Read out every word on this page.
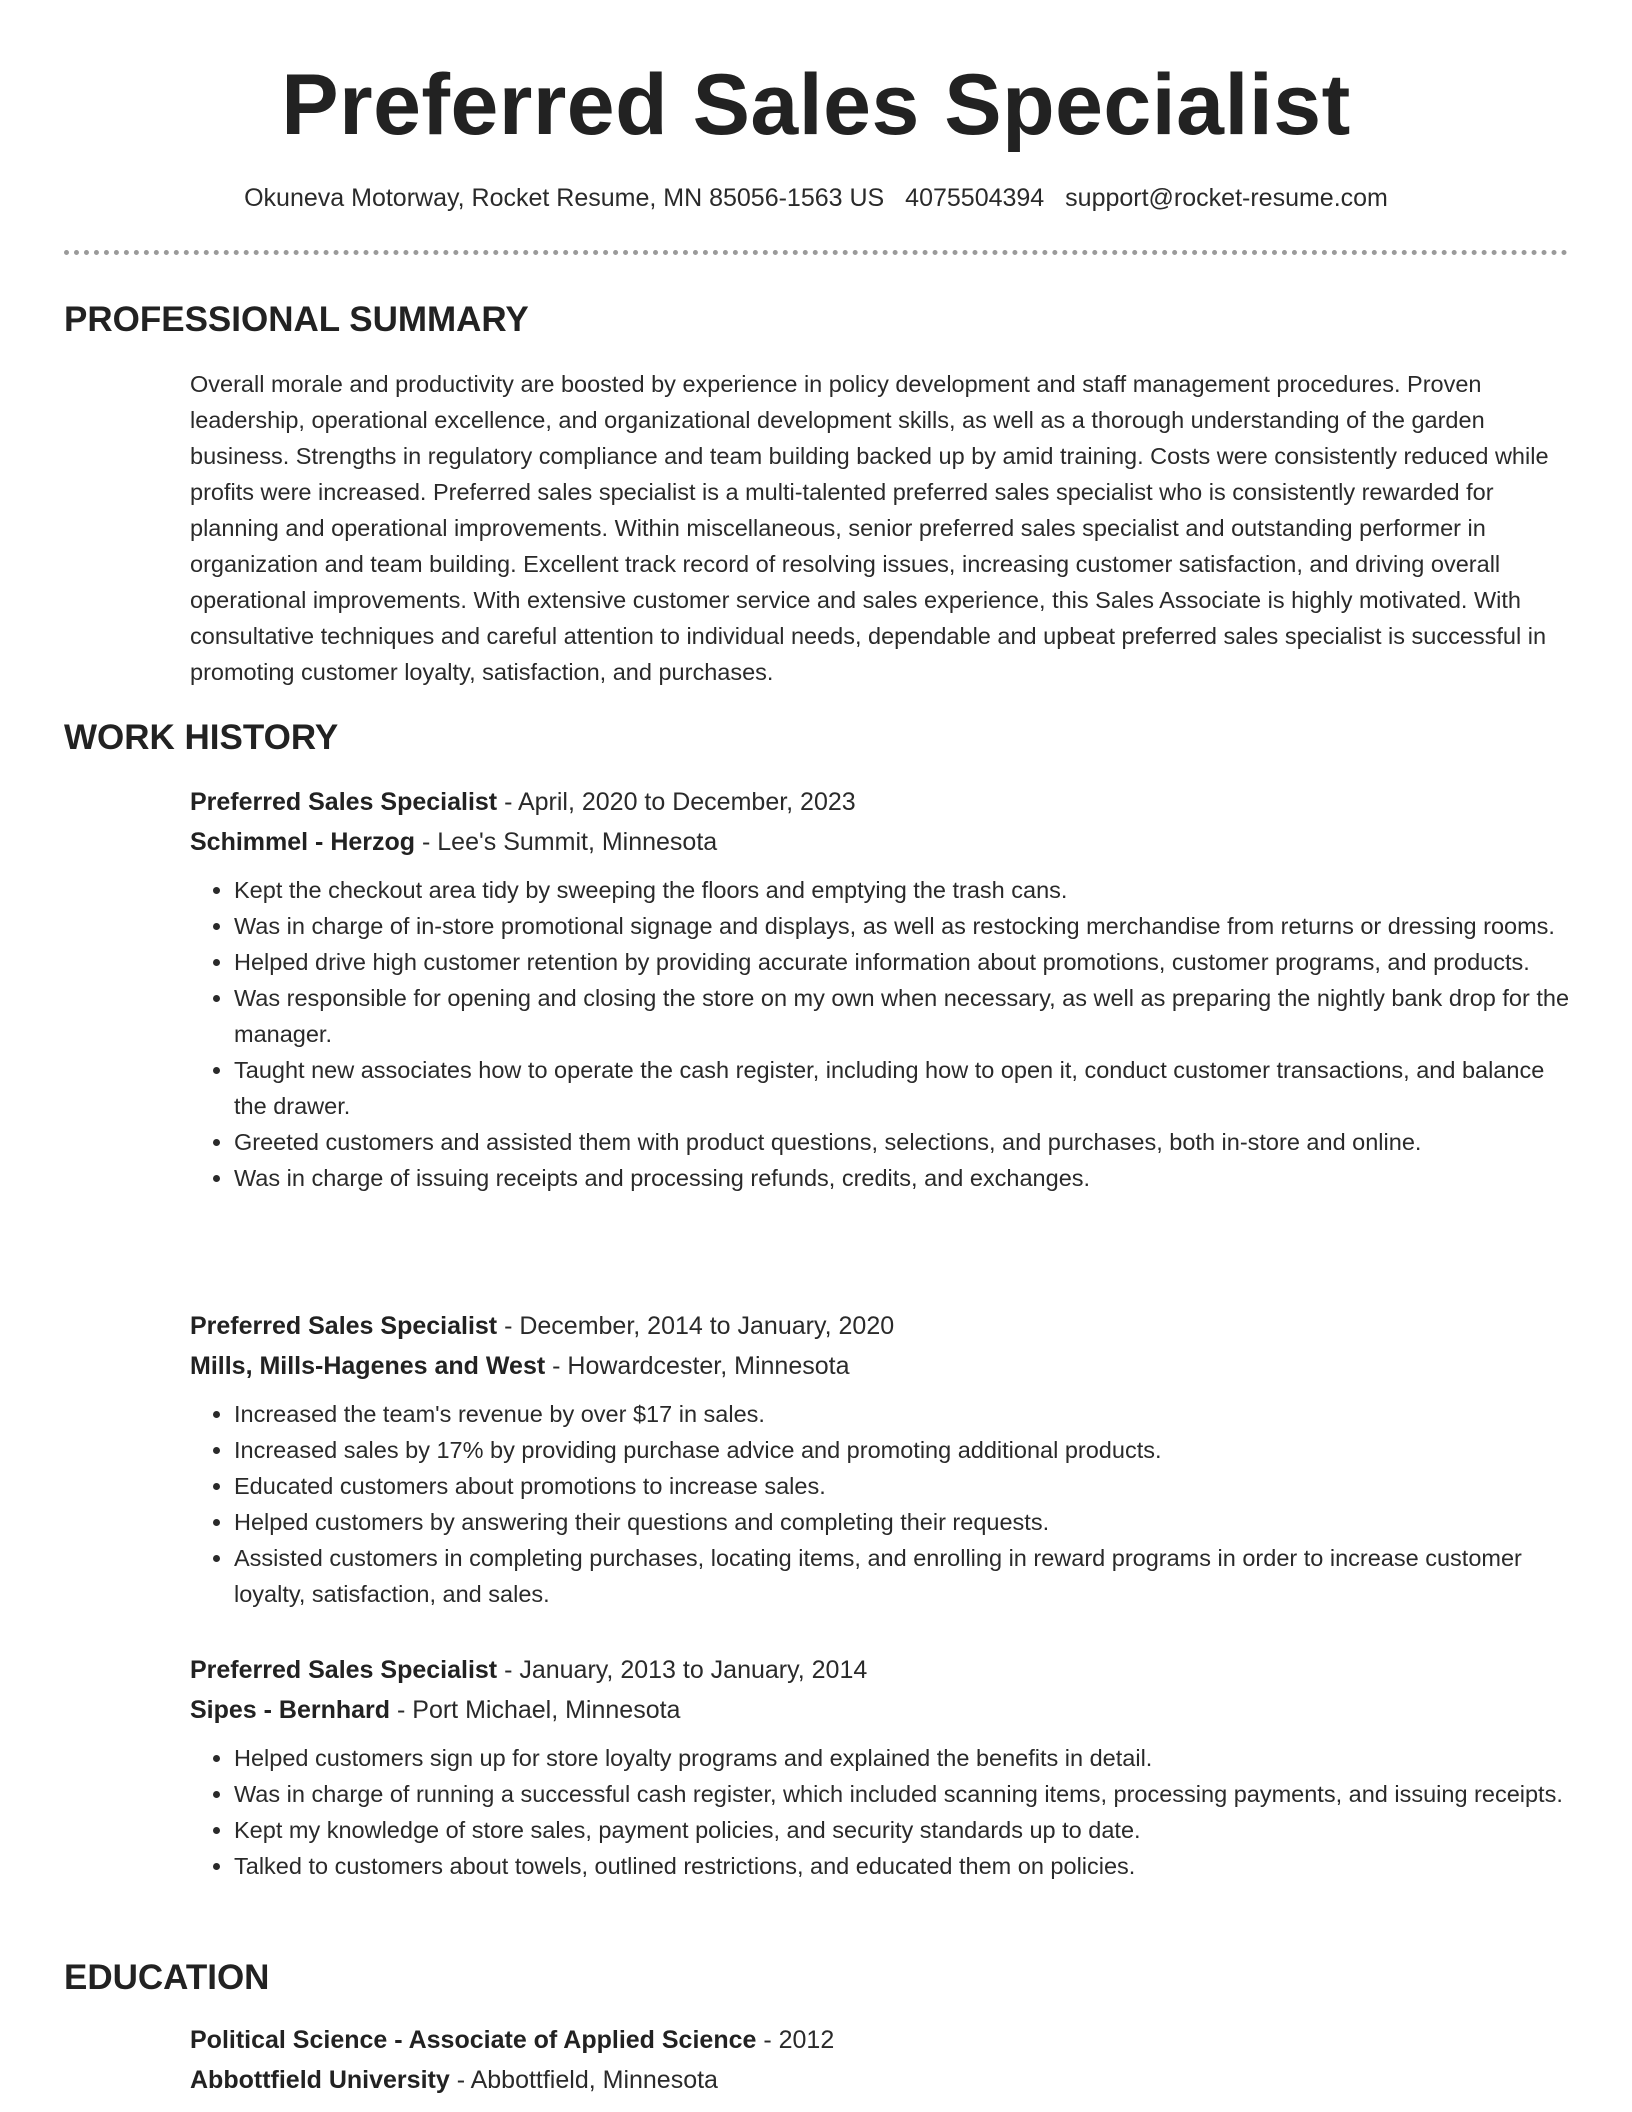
Preferred Sales Specialist
Okuneva Motorway, Rocket Resume, MN 85056-1563 US 4075504394 support@rocket-resume.com
PROFESSIONAL SUMMARY
Overall morale and productivity are boosted by experience in policy development and staff management procedures. Proven leadership, operational excellence, and organizational development skills, as well as a thorough understanding of the garden business. Strengths in regulatory compliance and team building backed up by amid training. Costs were consistently reduced while profits were increased. Preferred sales specialist is a multi-talented preferred sales specialist who is consistently rewarded for planning and operational improvements. Within miscellaneous, senior preferred sales specialist and outstanding performer in organization and team building. Excellent track record of resolving issues, increasing customer satisfaction, and driving overall operational improvements. With extensive customer service and sales experience, this Sales Associate is highly motivated. With consultative techniques and careful attention to individual needs, dependable and upbeat preferred sales specialist is successful in promoting customer loyalty, satisfaction, and purchases.
WORK HISTORY
Preferred Sales Specialist - April, 2020 to December, 2023
Schimmel - Herzog - Lee's Summit, Minnesota
• Kept the checkout area tidy by sweeping the floors and emptying the trash cans.
• Was in charge of in-store promotional signage and displays, as well as restocking merchandise from returns or dressing rooms.
• Helped drive high customer retention by providing accurate information about promotions, customer programs, and products.
• Was responsible for opening and closing the store on my own when necessary, as well as preparing the nightly bank drop for the manager.
• Taught new associates how to operate the cash register, including how to open it, conduct customer transactions, and balance the drawer.
• Greeted customers and assisted them with product questions, selections, and purchases, both in-store and online.
• Was in charge of issuing receipts and processing refunds, credits, and exchanges.
Preferred Sales Specialist - December, 2014 to January, 2020
Mills, Mills-Hagenes and West - Howardcester, Minnesota
• Increased the team's revenue by over $17 in sales.
• Increased sales by 17% by providing purchase advice and promoting additional products.
• Educated customers about promotions to increase sales.
• Helped customers by answering their questions and completing their requests.
• Assisted customers in completing purchases, locating items, and enrolling in reward programs in order to increase customer loyalty, satisfaction, and sales.
Preferred Sales Specialist - January, 2013 to January, 2014
Sipes - Bernhard - Port Michael, Minnesota
• Helped customers sign up for store loyalty programs and explained the benefits in detail.
• Was in charge of running a successful cash register, which included scanning items, processing payments, and issuing receipts.
• Kept my knowledge of store sales, payment policies, and security standards up to date.
• Talked to customers about towels, outlined restrictions, and educated them on policies.
EDUCATION
Political Science - Associate of Applied Science - 2012
Abbottfield University - Abbottfield, Minnesota
